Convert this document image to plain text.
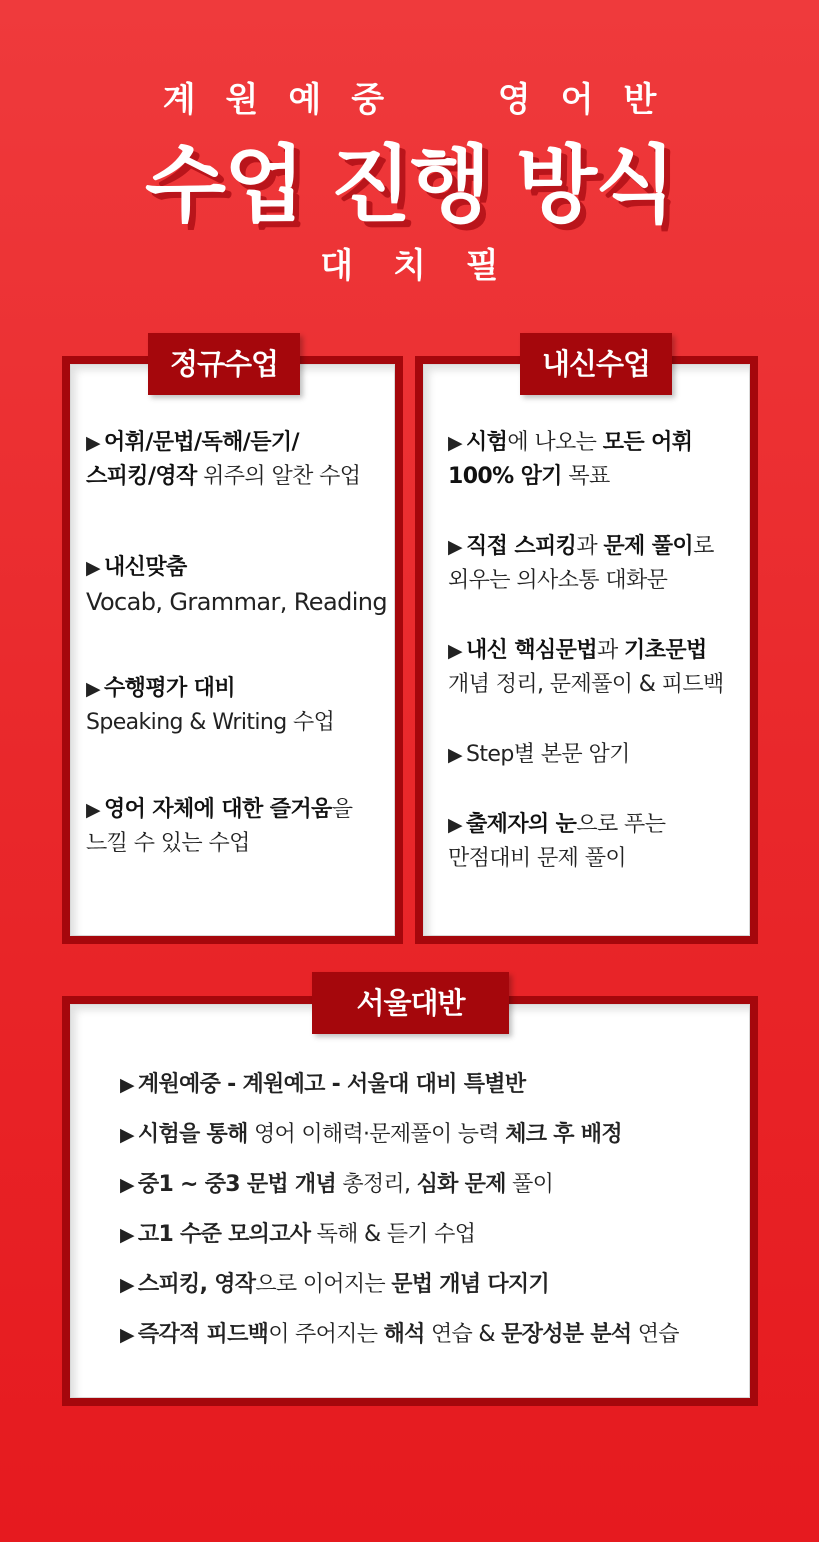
계원예중  영어반
수업 진행 방식
대치필
정규수업
▶ 어휘/문법/독해/듣기/
스피킹/영작 위주의 알찬 수업
▶ 내신맞춤
Vocab, Grammar, Reading
▶ 수행평가 대비
Speaking & Writing 수업
▶ 영어 자체에 대한 즐거움을
느낄 수 있는 수업
내신수업
▶ 시험에 나오는 모든 어휘
100% 암기 목표
▶ 직접 스피킹과 문제 풀이로
외우는 의사소통 대화문
▶ 내신 핵심문법과 기초문법
개념 정리, 문제풀이 & 피드백
▶ Step별 본문 암기
▶ 출제자의 눈으로 푸는
만점대비 문제 풀이
서울대반
▶ 계원예중 - 계원예고 - 서울대 대비 특별반
▶ 시험을 통해 영어 이해력·문제풀이 능력 체크 후 배정
▶ 중1 ~ 중3 문법 개념 총정리, 심화 문제 풀이
▶ 고1 수준 모의고사 독해 & 듣기 수업
▶ 스피킹, 영작으로 이어지는 문법 개념 다지기
▶ 즉각적 피드백이 주어지는 해석 연습 & 문장성분 분석 연습
